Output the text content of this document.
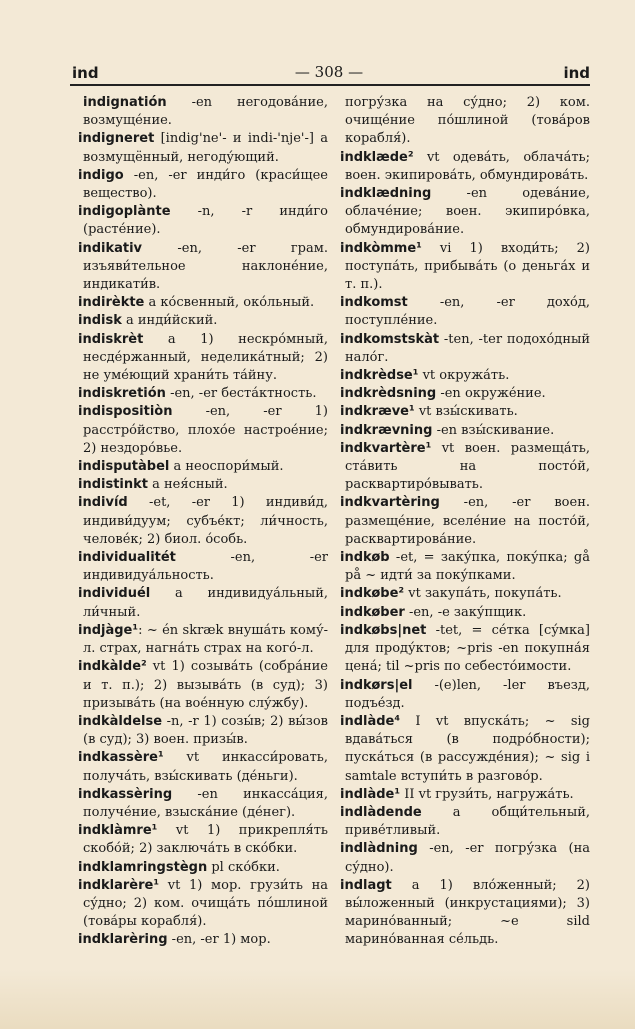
ind	— 308 —	ind

indignatión -en негодова́ние, возмуще́ние.

indigneret [indig'ne'- и indi-'nje'-] а возмущённый, негоду́ющий.

indigo -en, -er инди́го (краси́щее вещество).

indigoplànte -n, -r инди́го (расте́ние).

indikativ -en, -er грам. изъяви́тельное наклоне́ние, индикати́в.

indirèkte а ко́свенный, око́льный.

indisk а инди́йский.

indiskrèt а 1) нескро́мный, несде́ржанный, неделика́тный; 2) не уме́ющий храни́ть та́йну.

indiskretión -en, -er беста́ктность.

indispositiòn -en, -er 1) расстро́йство, плохо́е настрое́ние; 2) нездоро́вье.

indisputàbel а неоспори́мый.

indistinkt а нея́сный.

indivíd -et, -er 1) индиви́д, индиви́дуум; субъе́кт; ли́чность, челове́к; 2) биол. о́собь.

individualitét -en, -er индивидуа́льность.

individuél а индивидуа́льный, ли́чный.

indjàge¹: ~ én skræk внуша́ть кому́-л. страх, нагна́ть страх на кого́-л.

indkàlde² vt 1) созыва́ть (собра́ние и т. п.); 2) вызыва́ть (в суд); 3) призыва́ть (на вое́нную слу́жбу).

indkàldelse -n, -r 1) созы́в; 2) вы́зов (в суд); 3) воен. призы́в.

indkassère¹ vt инкасси́ровать, получа́ть, взы́скивать (де́ньги).

indkassèring -en инкасса́ция, получе́ние, взыска́ние (де́нег).

indklàmre¹ vt 1) прикрепля́ть скобо́й; 2) заключа́ть в ско́бки.

indklamringstègn pl ско́бки.

indklarère¹ vt 1) мор. грузи́ть на су́дно; 2) ком. очища́ть по́шлиной (това́ры корабля́).

indklarèring -en, -er 1) мор.

погру́зка на су́дно; 2) ком. очище́ние по́шлиной (това́ров корабля́).

indklæde² vt одева́ть, облача́ть; воен. экипирова́ть, обмундирова́ть.

indklædning -en одева́ние, облаче́ние; воен. экипиро́вка, обмундирова́ние.

indkòmme¹ vi 1) входи́ть; 2) поступа́ть, прибыва́ть (о деньга́х и т. п.).

indkomst -en, -er дохо́д, поступле́ние.

indkomstskàt -ten, -ter подохо́дный нало́г.

indkrèdse¹ vt окружа́ть.

indkrèdsning -en окруже́ние.

indkræve¹ vt взы́скивать.

indkrævning -en взы́скивание.

indkvartère¹ vt воен. размеща́ть, ста́вить на посто́й, расквартиро́вывать.

indkvartèring -en, -er воен. размеще́ние, вселе́ние на посто́й, расквартирова́ние.

indkøb -et, = заку́пка, поку́пка; gå på ~ идти́ за поку́пками.

indkøbe² vt закупа́ть, покупа́ть.

indkøber -en, -e заку́пщик.

indkøbs|net -tet, = се́тка [су́мка] для проду́ктов; ~pris -en покупна́я цена́; til ~pris по себесто́имости.

indkørs|el -(e)len, -ler въезд, подъе́зд.

indlàde⁴ I vt впуска́ть; ~ sig вдава́ться (в подро́бности); пуска́ться (в рассужде́ния); ~ sig i samtale вступи́ть в разгово́р.

indlàde¹ II vt грузи́ть, нагружа́ть.

indlàdende а общи́тельный, приве́тливый.

indlàdning -en, -er погру́зка (на су́дно).

indlagt а 1) вло́женный; 2) вы́ложенный (инкрустациями); 3) марино́ванный; ~e sild марино́ванная се́льдь.
